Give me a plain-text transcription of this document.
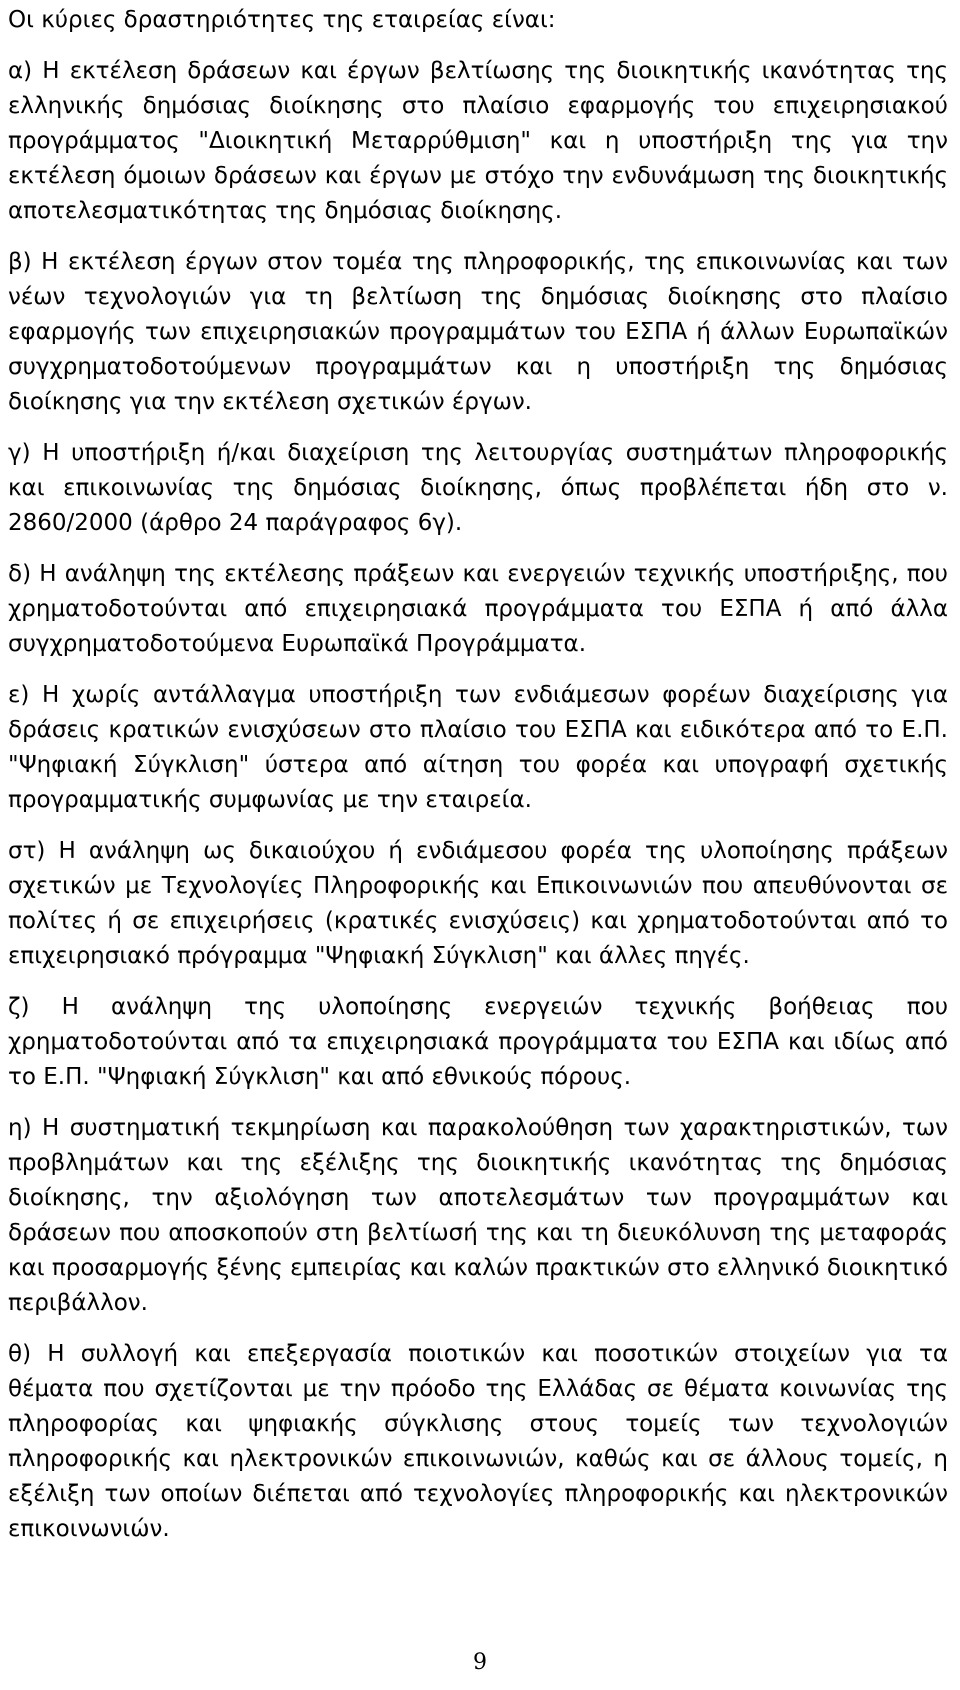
Οι κύριες δραστηριότητες της εταιρείας είναι:

α) Η εκτέλεση δράσεων και έργων βελτίωσης της διοικητικής ικανότητας της ελληνικής δημόσιας διοίκησης στο πλαίσιο εφαρμογής του επιχειρησιακού προγράμματος "Διοικητική Μεταρρύθμιση" και η υποστήριξη της για την εκτέλεση όμοιων δράσεων και έργων με στόχο την ενδυνάμωση της διοικητικής αποτελεσματικότητας της δημόσιας διοίκησης.

β) Η εκτέλεση έργων στον τομέα της πληροφορικής, της επικοινωνίας και των νέων τεχνολογιών για τη βελτίωση της δημόσιας διοίκησης στο πλαίσιο εφαρμογής των επιχειρησιακών προγραμμάτων του ΕΣΠΑ ή άλλων Ευρωπαϊκών συγχρηματοδοτούμενων προγραμμάτων και η υποστήριξη της δημόσιας διοίκησης για την εκτέλεση σχετικών έργων.

γ) Η υποστήριξη ή/και διαχείριση της λειτουργίας συστημάτων πληροφορικής και επικοινωνίας της δημόσιας διοίκησης, όπως προβλέπεται ήδη στο ν. 2860/2000 (άρθρο 24 παράγραφος 6γ).

δ) Η ανάληψη της εκτέλεσης πράξεων και ενεργειών τεχνικής υποστήριξης, που χρηματοδοτούνται από επιχειρησιακά προγράμματα του ΕΣΠΑ ή από άλλα συγχρηματοδοτούμενα Ευρωπαϊκά Προγράμματα.

ε) Η χωρίς αντάλλαγμα υποστήριξη των ενδιάμεσων φορέων διαχείρισης για δράσεις κρατικών ενισχύσεων στο πλαίσιο του ΕΣΠΑ και ειδικότερα από το Ε.Π. "Ψηφιακή Σύγκλιση" ύστερα από αίτηση του φορέα και υπογραφή σχετικής προγραμματικής συμφωνίας με την εταιρεία.

στ) Η ανάληψη ως δικαιούχου ή ενδιάμεσου φορέα της υλοποίησης πράξεων σχετικών με Τεχνολογίες Πληροφορικής και Επικοινωνιών που απευθύνονται σε πολίτες ή σε επιχειρήσεις (κρατικές ενισχύσεις) και χρηματοδοτούνται από το επιχειρησιακό πρόγραμμα "Ψηφιακή Σύγκλιση" και άλλες πηγές.

ζ) Η ανάληψη της υλοποίησης ενεργειών τεχνικής βοήθειας που χρηματοδοτούνται από τα επιχειρησιακά προγράμματα του ΕΣΠΑ και ιδίως από το Ε.Π. "Ψηφιακή Σύγκλιση" και από εθνικούς πόρους.

η) Η συστηματική τεκμηρίωση και παρακολούθηση των χαρακτηριστικών, των προβλημάτων και της εξέλιξης της διοικητικής ικανότητας της δημόσιας διοίκησης, την αξιολόγηση των αποτελεσμάτων των προγραμμάτων και δράσεων που αποσκοπούν στη βελτίωσή της και τη διευκόλυνση της μεταφοράς και προσαρμογής ξένης εμπειρίας και καλών πρακτικών στο ελληνικό διοικητικό περιβάλλον.

θ) Η συλλογή και επεξεργασία ποιοτικών και ποσοτικών στοιχείων για τα θέματα που σχετίζονται με την πρόοδο της Ελλάδας σε θέματα κοινωνίας της πληροφορίας και ψηφιακής σύγκλισης στους τομείς των τεχνολογιών πληροφορικής και ηλεκτρονικών επικοινωνιών, καθώς και σε άλλους τομείς, η εξέλιξη των οποίων διέπεται από τεχνολογίες πληροφορικής και ηλεκτρονικών επικοινωνιών.

9
